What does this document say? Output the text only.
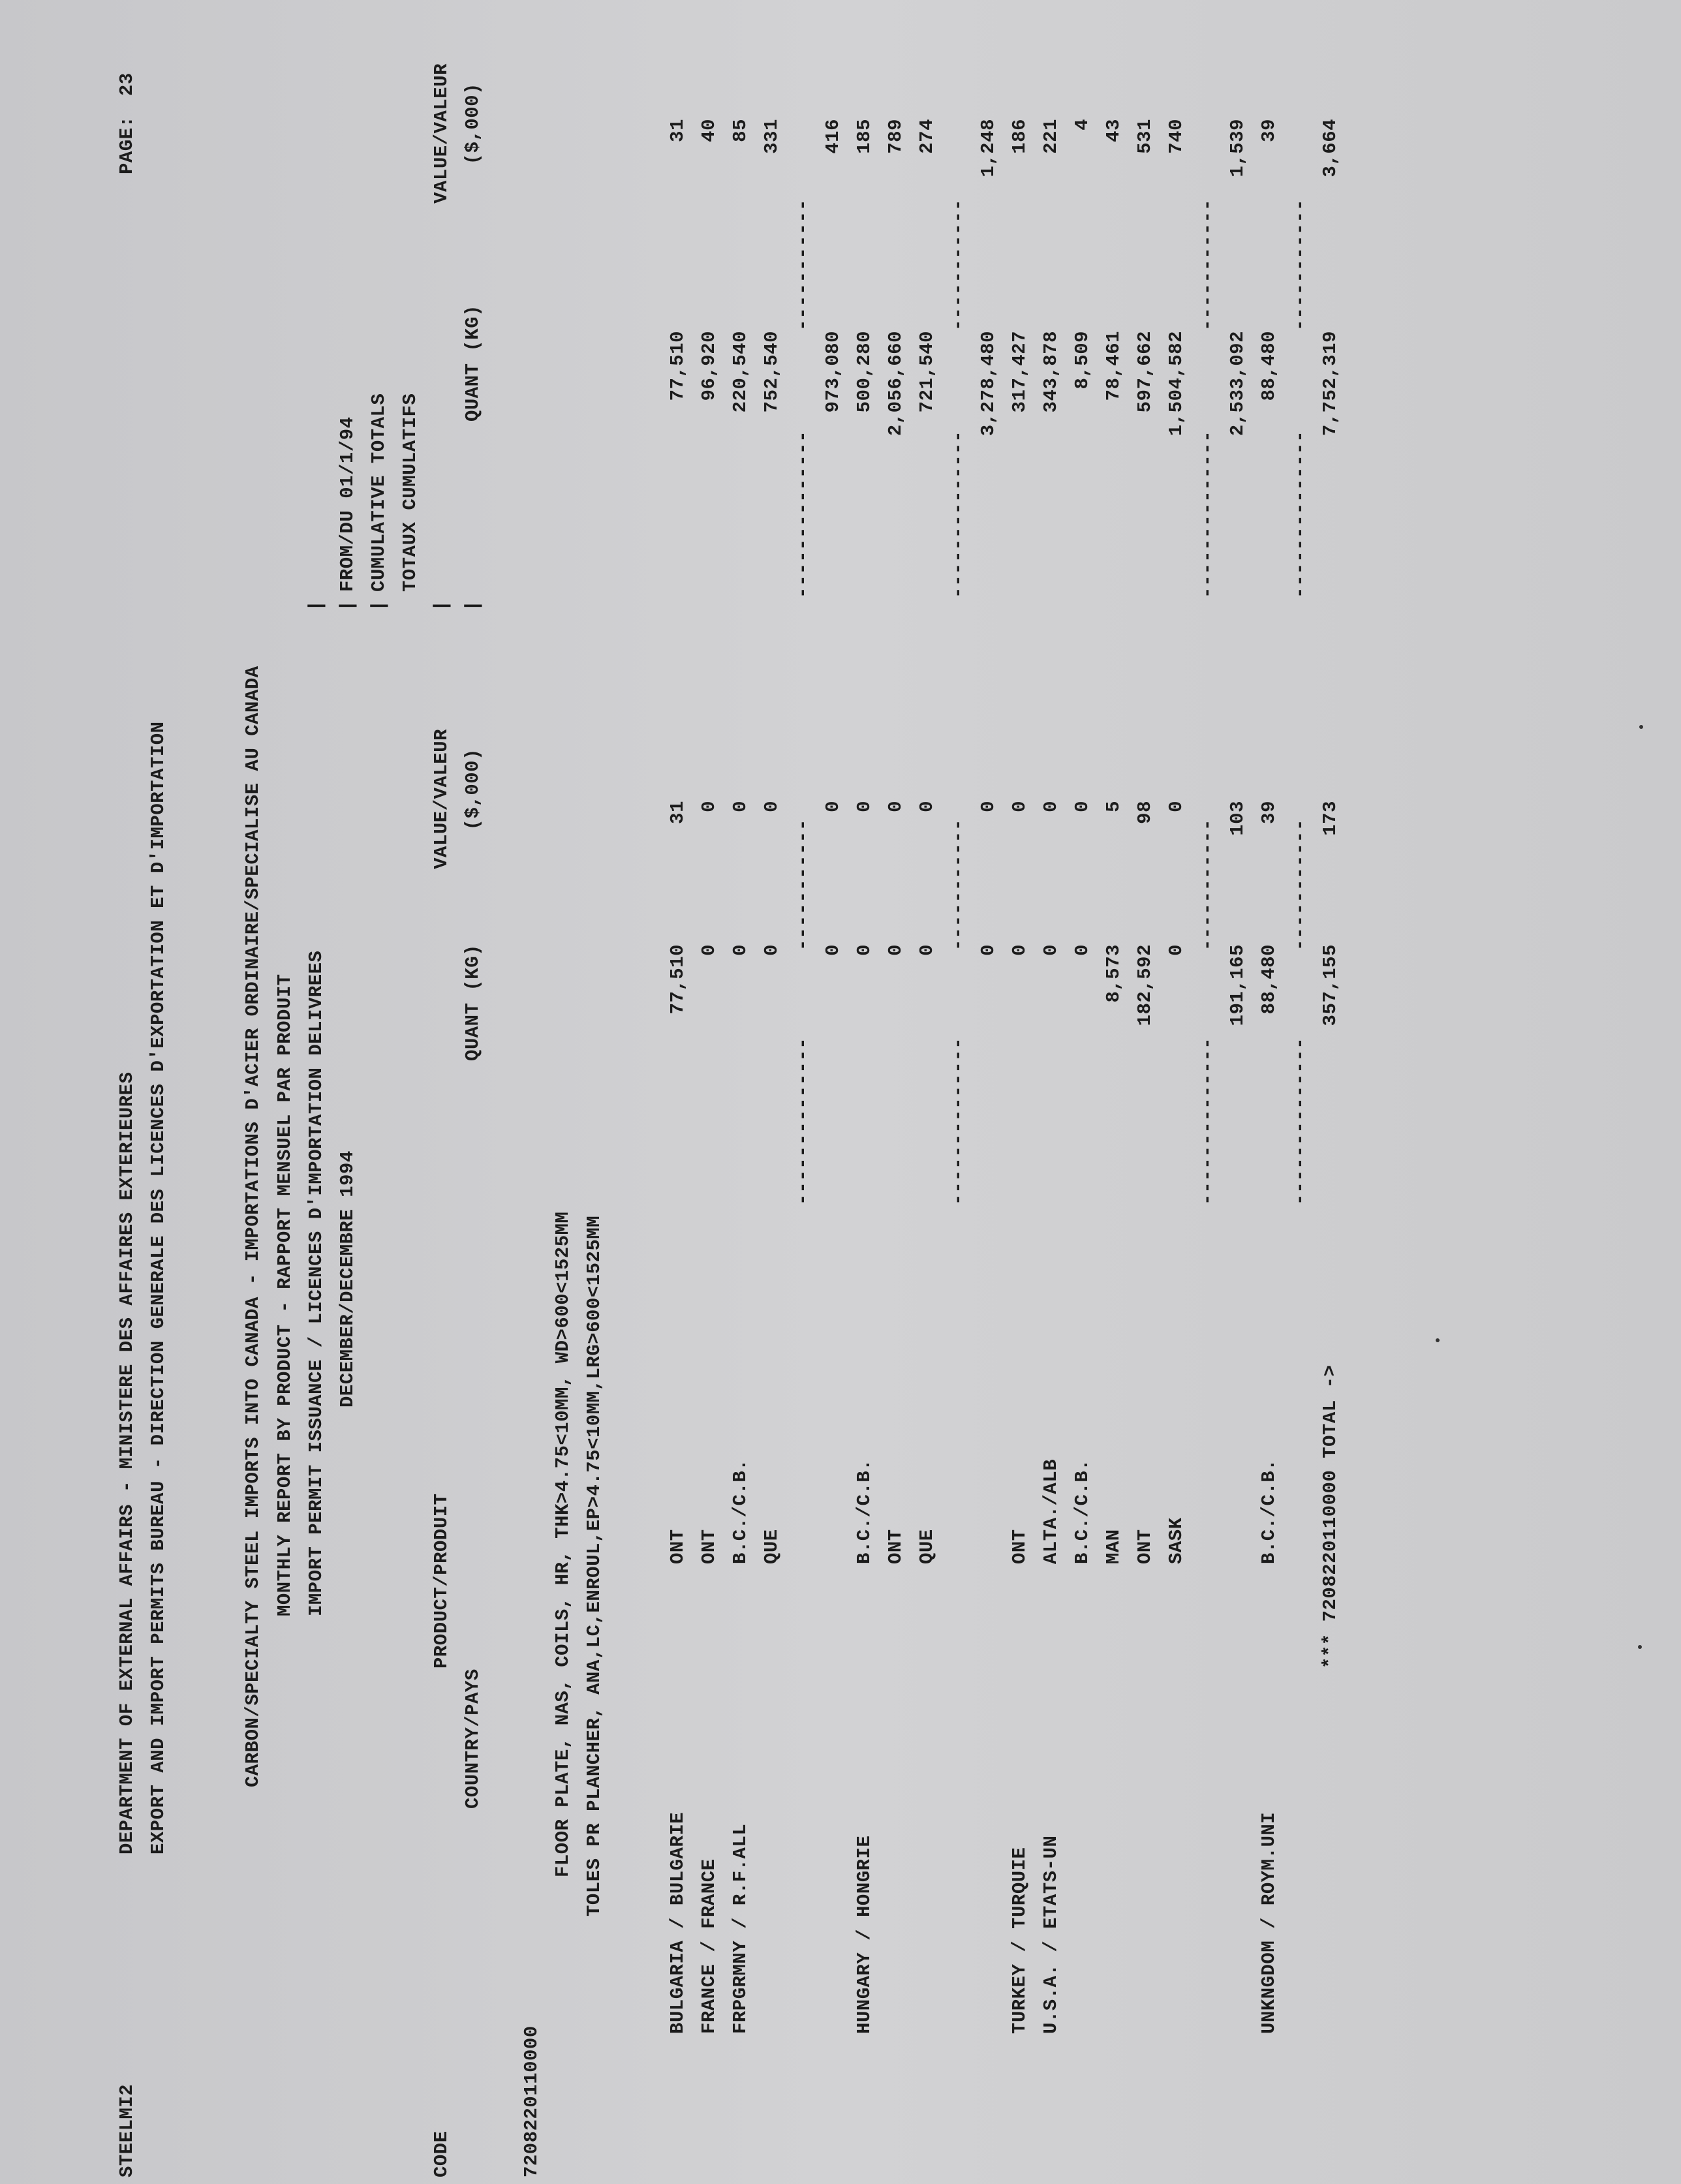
STEELMI2
DEPARTMENT OF EXTERNAL AFFAIRS - MINISTERE DES AFFAIRES EXTERIEURES EXPORT AND IMPORT PERMITS BUREAU - DIRECTION GENERALE DES LICENCES D'EXPORTATION ET D'IMPORTATION
PAGE:
23
CARBON/SPECIALTY STEEL IMPORTS INTO CANADA - IMPORTATIONS D'ACIER ORDINAIRE/SPECIALISE AU CANADA MONTHLY REPORT BY PRODUCT - RAPPORT MENSUEL PAR PRODUIT IMPORT PERMIT ISSUANCE / LICENCES D'IMPORTATION DELIVREES DECEMBER/DECEMBRE 1994
| | |
FROM/DU 01/1/94 CUMULATIVE TOTALS TOTAUX CUMULATIFS
CODE
PRODUCT/PRODUIT
VALUE/VALEUR
|
VALUE/VALEUR
COUNTRY/PAYS
QUANT (KG)
($,000)
|
QUANT (KG)
($,000)
7208220110000
FLOOR PLATE, NAS, COILS, HR, THK>4.75<10MM, WD>600<1525MM TOLES PR PLANCHER, ANA,LC,ENROUL,EP>4.75<10MM,LRG>600<1525MM
BULGARIA / BULGARIE
ONT
77,510
31
77,510
31
FRANCE / FRANCE
ONT
0
0
96,920
40
FRPGRMNY / R.F.ALL
B.C./C.B.
0
0
220,540
85
QUE
0
0
752,540
331
--------------
-----------
--------------
-----------
0
0
973,080
416
HUNGARY / HONGRIE
B.C./C.B.
0
0
500,280
185
ONT
0
0
2,056,660
789
QUE
0
0
721,540
274
--------------
-----------
--------------
-----------
0
0
3,278,480
1,248
TURKEY / TURQUIE
ONT
0
0
317,427
186
U.S.A. / ETATS-UN
ALTA./ALB
0
0
343,878
221
B.C./C.B.
0
0
8,509
4
MAN
8,573
5
78,461
43
ONT
182,592
98
597,662
531
SASK
0
0
1,504,582
740
--------------
-----------
--------------
-----------
191,165
103
2,533,092
1,539
UNKNGDOM / ROYM.UNI
B.C./C.B.
88,480
39
88,480
39
--------------
-----------
--------------
-----------
*** 7208220110000 TOTAL ->
357,155
173
7,752,319
3,664
